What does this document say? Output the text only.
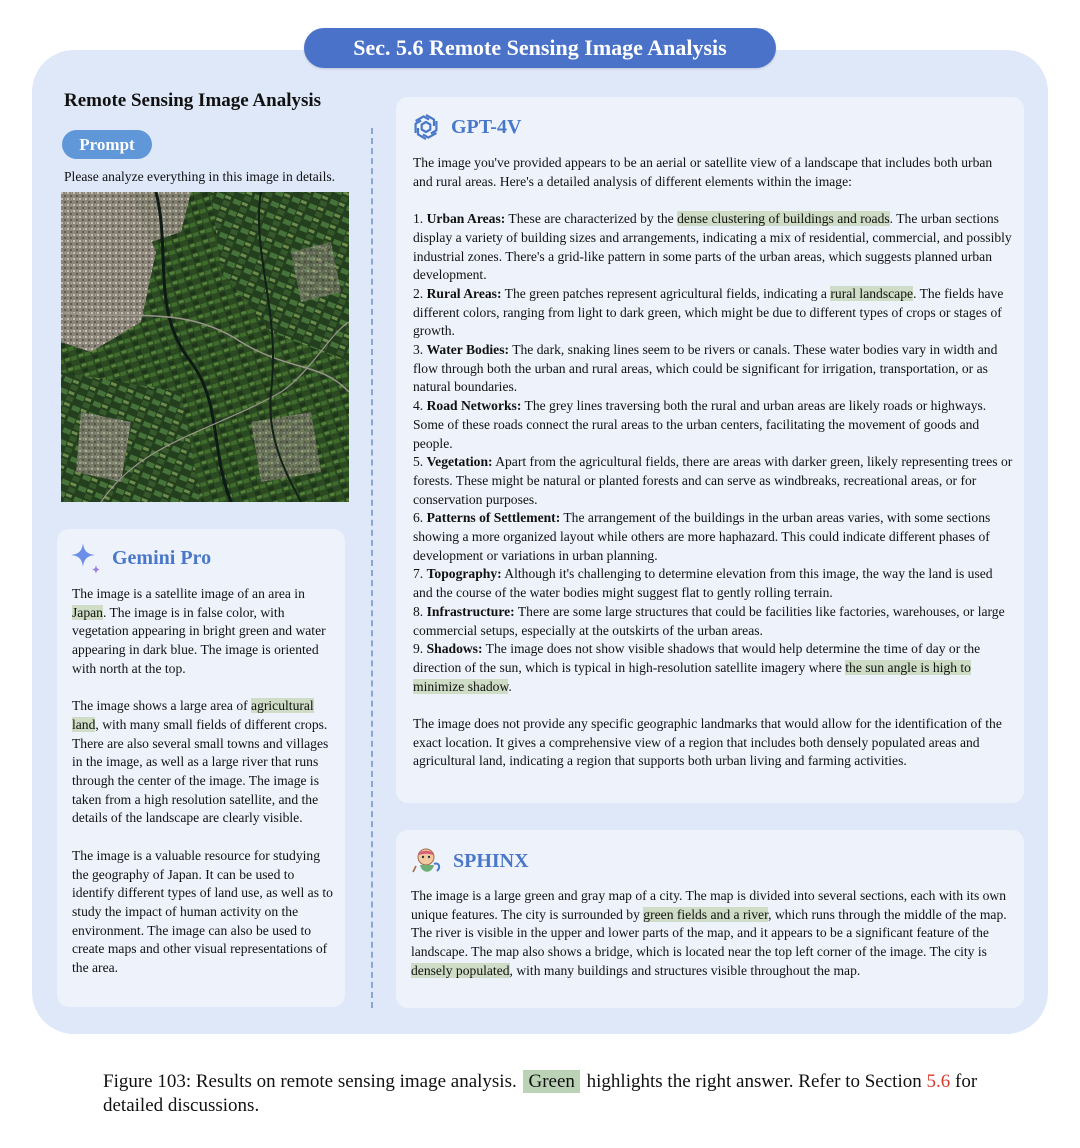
Sec. 5.6 Remote Sensing Image Analysis
Remote Sensing Image Analysis
Prompt
Please analyze everything in this image in details.
Gemini Pro

The image is a satellite image of an area in Japan. The image is in false color, with vegetation appearing in bright green and water appearing in dark blue. The image is oriented with north at the top.

The image shows a large area of agricultural land, with many small fields of different crops. There are also several small towns and villages in the image, as well as a large river that runs through the center of the image. The image is taken from a high resolution satellite, and the details of the landscape are clearly visible.

The image is a valuable resource for studying the geography of Japan. It can be used to identify different types of land use, as well as to study the impact of human activity on the environment. The image can also be used to create maps and other visual representations of the area.

GPT-4V

The image you've provided appears to be an aerial or satellite view of a landscape that includes both urban and rural areas. Here's a detailed analysis of different elements within the image:

1. Urban Areas: These are characterized by the dense clustering of buildings and roads. The urban sections display a variety of building sizes and arrangements, indicating a mix of residential, commercial, and possibly industrial zones. There's a grid-like pattern in some parts of the urban areas, which suggests planned urban development.

2. Rural Areas: The green patches represent agricultural fields, indicating a rural landscape. The fields have different colors, ranging from light to dark green, which might be due to different types of crops or stages of growth.

3. Water Bodies: The dark, snaking lines seem to be rivers or canals. These water bodies vary in width and flow through both the urban and rural areas, which could be significant for irrigation, transportation, or as natural boundaries.

4. Road Networks: The grey lines traversing both the rural and urban areas are likely roads or highways. Some of these roads connect the rural areas to the urban centers, facilitating the movement of goods and people.

5. Vegetation: Apart from the agricultural fields, there are areas with darker green, likely representing trees or forests. These might be natural or planted forests and can serve as windbreaks, recreational areas, or for conservation purposes.

6. Patterns of Settlement: The arrangement of the buildings in the urban areas varies, with some sections showing a more organized layout while others are more haphazard. This could indicate different phases of development or variations in urban planning.

7. Topography: Although it's challenging to determine elevation from this image, the way the land is used and the course of the water bodies might suggest flat to gently rolling terrain.

8. Infrastructure: There are some large structures that could be facilities like factories, warehouses, or large commercial setups, especially at the outskirts of the urban areas.

9. Shadows: The image does not show visible shadows that would help determine the time of day or the direction of the sun, which is typical in high-resolution satellite imagery where the sun angle is high to minimize shadow.

The image does not provide any specific geographic landmarks that would allow for the identification of the exact location. It gives a comprehensive view of a region that includes both densely populated areas and agricultural land, indicating a region that supports both urban living and farming activities.

SPHINX

The image is a large green and gray map of a city. The map is divided into several sections, each with its own unique features. The city is surrounded by green fields and a river, which runs through the middle of the map. The river is visible in the upper and lower parts of the map, and it appears to be a significant feature of the landscape. The map also shows a bridge, which is located near the top left corner of the image. The city is densely populated, with many buildings and structures visible throughout the map.

Figure 103: Results on remote sensing image analysis. Green highlights the right answer. Refer to Section 5.6 for detailed discussions.
